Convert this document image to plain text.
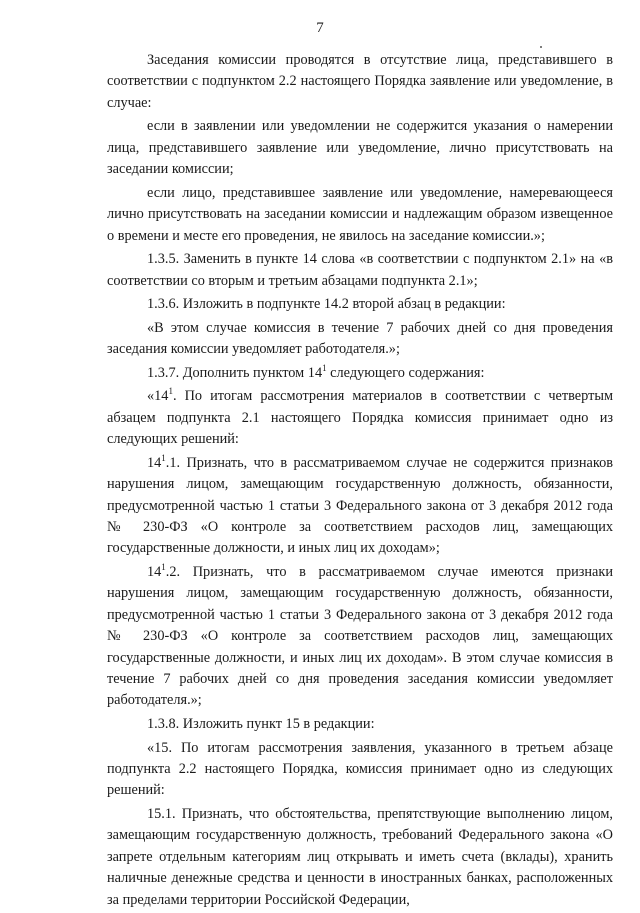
7

Заседания комиссии проводятся в отсутствие лица, представившего в соответствии с подпунктом 2.2 настоящего Порядка заявление или уведомление, в случае:

если в заявлении или уведомлении не содержится указания о намерении лица, представившего заявление или уведомление, лично присутствовать на заседании комиссии;

если лицо, представившее заявление или уведомление, намеревающееся лично присутствовать на заседании комиссии и надлежащим образом извещенное о времени и месте его проведения, не явилось на заседание комиссии.»;

1.3.5. Заменить в пункте 14 слова «в соответствии с подпунктом 2.1» на «в соответствии со вторым и третьим абзацами подпункта 2.1»;

1.3.6. Изложить в подпункте 14.2 второй абзац в редакции:

«В этом случае комиссия в течение 7 рабочих дней со дня проведения заседания комиссии уведомляет работодателя.»;

1.3.7. Дополнить пунктом $14^1$ следующего содержания:

«$14^1$. По итогам рассмотрения материалов в соответствии с четвертым абзацем подпункта 2.1 настоящего Порядка комиссия принимает одно из следующих решений:

$14^1.1$. Признать, что в рассматриваемом случае не содержится признаков нарушения лицом, замещающим государственную должность, обязанности, предусмотренной частью 1 статьи 3 Федерального закона от 3 декабря 2012 года № 230-ФЗ «О контроле за соответствием расходов лиц, замещающих государственные должности, и иных лиц их доходам»;

$14^1.2$. Признать, что в рассматриваемом случае имеются признаки нарушения лицом, замещающим государственную должность, обязанности, предусмотренной частью 1 статьи 3 Федерального закона от 3 декабря 2012 года № 230-ФЗ «О контроле за соответствием расходов лиц, замещающих государственные должности, и иных лиц их доходам». В этом случае комиссия в течение 7 рабочих дней со дня проведения заседания комиссии уведомляет работодателя.»;

1.3.8. Изложить пункт 15 в редакции:

«15. По итогам рассмотрения заявления, указанного в третьем абзаце подпункта 2.2 настоящего Порядка, комиссия принимает одно из следующих решений:

15.1. Признать, что обстоятельства, препятствующие выполнению лицом, замещающим государственную должность, требований Федерального закона «О запрете отдельным категориям лиц открывать и иметь счета (вклады), хранить наличные денежные средства и ценности в иностранных банках, расположенных за пределами территории Российской Федерации,
